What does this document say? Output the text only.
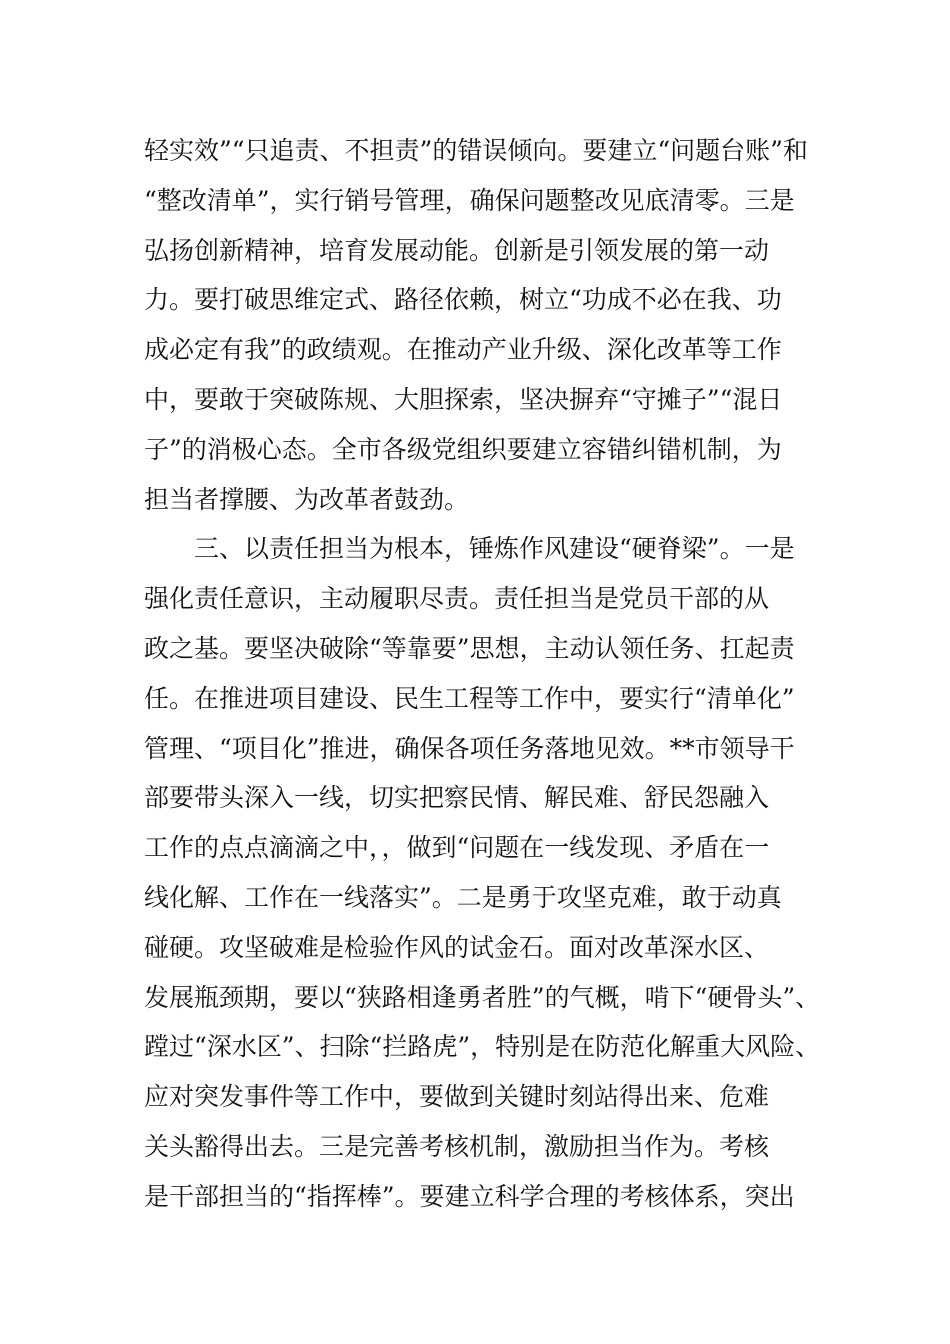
轻实效”“只追责、不担责”的错误倾向。要建立“问题台账”和
“整改清单”，实行销号管理，确保问题整改见底清零。三是
弘扬创新精神，培育发展动能。创新是引领发展的第一动
力。要打破思维定式、路径依赖，树立“功成不必在我、功
成必定有我”的政绩观。在推动产业升级、深化改革等工作
中，要敢于突破陈规、大胆探索，坚决摒弃“守摊子”“混日
子”的消极心态。全市各级党组织要建立容错纠错机制，为
担当者撑腰、为改革者鼓劲。
三、以责任担当为根本，锤炼作风建设“硬脊梁”。一是
强化责任意识，主动履职尽责。责任担当是党员干部的从
政之基。要坚决破除“等靠要”思想，主动认领任务、扛起责
任。在推进项目建设、民生工程等工作中，要实行“清单化”
管理、“项目化”推进，确保各项任务落地见效。**市领导干
部要带头深入一线，切实把察民情、解民难、舒民怨融入
工作的点点滴滴之中，，做到“问题在一线发现、矛盾在一
线化解、工作在一线落实”。二是勇于攻坚克难，敢于动真
碰硬。攻坚破难是检验作风的试金石。面对改革深水区、
发展瓶颈期，要以“狭路相逢勇者胜”的气概，啃下“硬骨头”、
蹚过“深水区”、扫除“拦路虎”，特别是在防范化解重大风险、
应对突发事件等工作中，要做到关键时刻站得出来、危难
关头豁得出去。三是完善考核机制，激励担当作为。考核
是干部担当的“指挥棒”。要建立科学合理的考核体系，突出
